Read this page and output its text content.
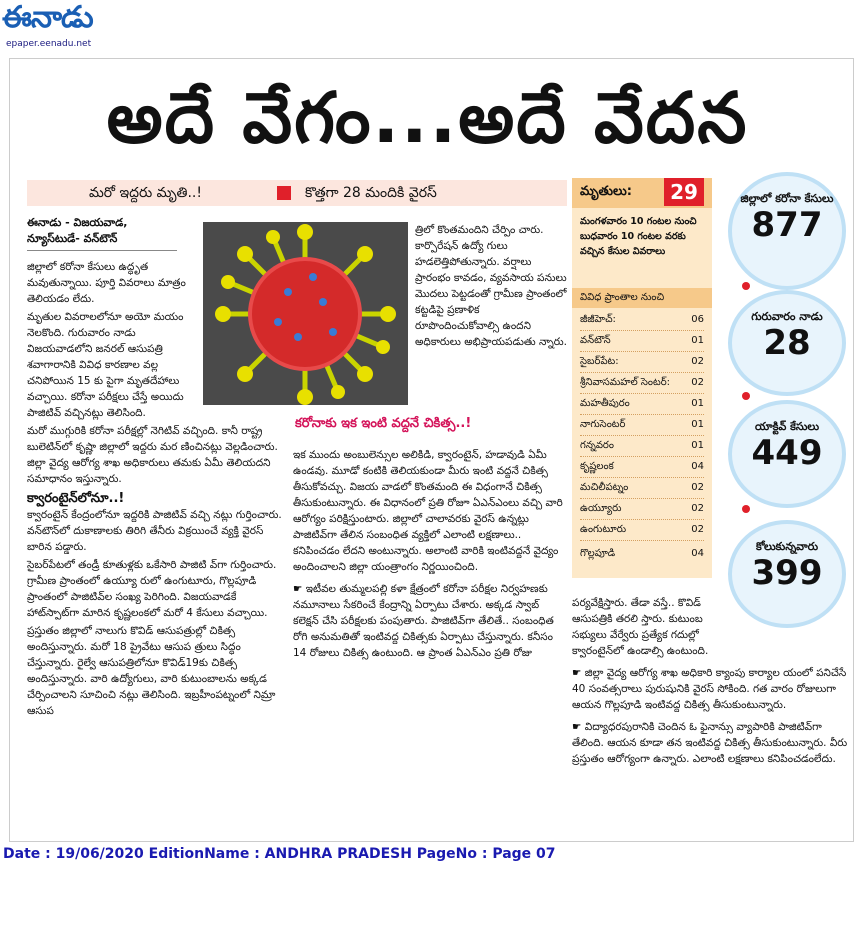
ఈనాడు
epaper.eenadu.net
అదే వేగం...అదే వేదన
మరో ఇద్దరు మృతి..!	కొత్తగా 28 మందికి వైరస్
ఈనాడు - విజయవాడ,
న్యూస్‌టుడే- వన్‌టౌన్

జిల్లాలో కరోనా కేసులు ఉద్ధృత మవుతున్నాయి. పూర్తి వివరాలు మాత్రం తెలియడం లేదు.

మృతుల వివరాలలోనూ అయో మయం నెలకొంది. గురువారం నాడు విజయవాడలోని జనరల్ ఆసుపత్రి శవాగారానికి వివిధ కారణాల వల్ల చనిపోయిన 15 కు పైగా మృతదేహాలు వచ్చాయి. కరోనా పరీక్షలు చేస్తే అయిదు పాజిటివ్ వచ్చినట్లు తెలిసింది.

మరో ముగ్గురికి కరోనా పరీక్షల్లో నెగిటివ్ వచ్చింది. కానీ రాష్ట్ర బులెటిన్‌లో కృష్ణా జిల్లాలో ఇద్దరు మర ణించినట్లు వెల్లడించారు. జిల్లా వైద్య ఆరోగ్య శాఖ అధికారులు తమకు ఏమీ తెలియదని సమాధానం ఇస్తున్నారు.

క్వారంటైన్‌లోనూ..!

క్వారంటైన్ కేంద్రంలోనూ ఇద్దరికి పాజిటివ్ వచ్చి నట్లు గుర్తించారు. వన్‌టౌన్‌లో దుకాణాలకు తిరిగి తేనీరు విక్రయించే వ్యక్తి వైరస్ బారిన పడ్డారు.

సైబర్‌పేటలో తండ్రీ కూతుళ్లకు ఒకేసారి పాజిటి వ్‌గా గుర్తించారు. గ్రామీణ ప్రాంతంలో ఉయ్యూ రులో ఉంగుటూరు, గొల్లపూడి ప్రాంతంలో పాజిటివ్‌ల సంఖ్య పెరిగింది. విజయవాడకే హాట్‌స్పాట్‌గా మారిన కృష్ణలంకలో మరో 4 కేసులు వచ్చాయి.

ప్రస్తుతం జిల్లాలో నాలుగు కొవిడ్ ఆసుపత్రుల్లో చికిత్స అందిస్తున్నారు. మరో 18 ప్రైవేటు ఆసుప త్రులు సిద్ధం చేస్తున్నారు. రైల్వే ఆసుపత్రిలోనూ కొవిడ్19కు చికిత్స అందిస్తున్నారు. వారి ఉద్యోగులు, వారి కుటుంబాలను అక్కడ చేర్పించాలని సూచించి నట్లు తెలిసింది. ఇబ్రహీంపట్నంలో నిమ్రా ఆసుప

త్రిలో కొంతమందిని చేర్పిం చారు. కార్పొరేషన్ ఉద్యో గులు హడలెత్తిపోతున్నారు. వర్షాలు ప్రారంభం కావడం, వ్యవసాయ పనులు మొదలు పెట్టడంతో గ్రామీణ ప్రాంతంలో కట్టడిపై ప్రణాళిక రూపొందించుకోవాల్సి ఉందని అధికారులు అభిప్రాయపడుతు న్నారు.

కరోనాకు ఇక ఇంటి వద్దనే చికిత్స..!

ఇక ముందు అంబులెన్సుల అలికిడి, క్వారంటైన్, హడావుడి ఏమీ ఉండవు. మూడో కంటికి తెలియకుండా మీరు ఇంటి వద్దనే చికిత్స తీసుకోవచ్చు. విజయ వాడలో కొంతమంది ఈ విధంగానే చికిత్స తీసుకుంటున్నారు. ఈ విధానంలో ప్రతి రోజూ ఏఎన్ఎంలు వచ్చి వారి ఆరోగ్యం పరిక్షిస్తుంటారు. జిల్లాలో చాలావరకు వైరస్ ఉన్నట్లు పాజిటివ్‌గా తేలిన సంబంధిత వ్యక్తిలో ఎలాంటి లక్షణాలు.. కనిపించడం లేదని అంటున్నారు. అలాంటి వారికి ఇంటివద్దనే వైద్యం అందించాలని జిల్లా యంత్రాంగం నిర్ణయించింది.

☛ ఇటీవల తుమ్మలపల్లి కళా క్షేత్రంలో కరోనా పరీక్షల నిర్వహణకు నమూనాలు సేకరించే కేంద్రాన్ని ఏర్పాటు చేశారు. అక్కడ స్వాబ్ కలెక్షన్ చేసి పరీక్షలకు పంపుతారు. పాజిటివ్‌గా తేలితే.. సంబంధిత రోగి అనుమతితో ఇంటివద్ద చికిత్సకు ఏర్పాటు చేస్తున్నారు. కనీసం 14 రోజులు చికిత్స ఉంటుంది. ఆ ప్రాంత ఏఎన్ఎం ప్రతి రోజు

మృతులు:	29
మంగళవారం 10 గంటల నుంచి బుధవారం 10 గంటల వరకు వచ్చిన కేసుల వివరాలు
వివిధ ప్రాంతాల నుంచి
జీజీహెచ్:	06
వన్‌టౌన్	01
సైబర్‌పేట:	02
శ్రీనివాసమహల్ సెంటర్: 02
మహతీపురం	01
నాగుసెంటర్	01
గన్నవరం	01
కృష్ణలంక	04
మచిలీపట్నం	02
ఉయ్యూరు	02
ఉంగుటూరు	02
గొల్లపూడి	04
జిల్లాలో కరోనా కేసులు
877
గురువారం నాడు
28
యాక్టివ్ కేసులు
449
కోలుకున్నవారు
399

పర్యవేక్షిస్తారు. తేడా వస్తే.. కొవిడ్ ఆసుపత్రికి తరలి స్తారు. కుటుంబ సభ్యులు వేర్వేరు ప్రత్యేక గదుల్లో క్వారంటైన్‌లో ఉండాల్సి ఉంటుంది.

☛ జిల్లా వైద్య ఆరోగ్య శాఖ అధికారి క్యాంపు కార్యాల యంలో పనిచేసే 40 సంవత్సరాలు పురుషునికి వైరస్ సోకింది. గత వారం రోజులుగా ఆయన గొల్లపూడి ఇంటివద్ద చికిత్స తీసుకుంటున్నారు.

☛ విద్యాధరపురానికి చెందిన ఓ ఫైనాన్సు వ్యాపారికి పాజిటివ్‌గా తేలింది. ఆయన కూడా తన ఇంటివద్ద చికిత్స తీసుకుంటున్నారు. వీరు ప్రస్తుతం ఆరోగ్యంగా ఉన్నారు. ఎలాంటి లక్షణాలు కనిపించడంలేదు.

Date : 19/06/2020 EditionName : ANDHRA PRADESH PageNo : Page 07
